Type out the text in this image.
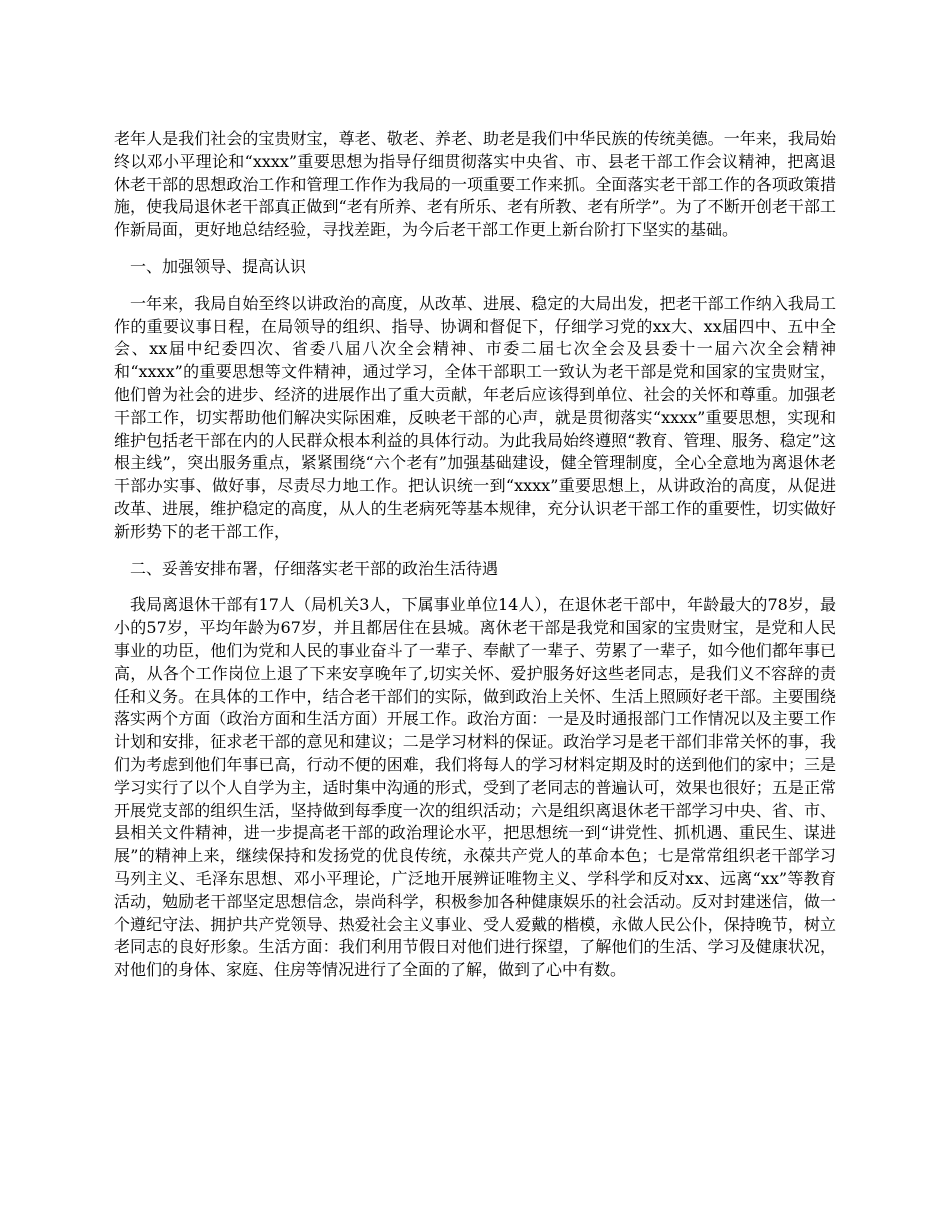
老年人是我们社会的宝贵财宝，尊老、敬老、养老、助老是我们中华民族的传统美德。一年来，我局始终以邓小平理论和“xxxx”重要思想为指导仔细贯彻落实中央省、市、县老干部工作会议精神，把离退休老干部的思想政治工作和管理工作作为我局的一项重要工作来抓。全面落实老干部工作的各项政策措施，使我局退休老干部真正做到“老有所养、老有所乐、老有所教、老有所学”。为了不断开创老干部工作新局面，更好地总结经验，寻找差距，为今后老干部工作更上新台阶打下坚实的基础。

一、加强领导、提高认识

一年来，我局自始至终以讲政治的高度，从改革、进展、稳定的大局出发，把老干部工作纳入我局工作的重要议事日程，在局领导的组织、指导、协调和督促下，仔细学习党的xx大、xx届四中、五中全会、xx届中纪委四次、省委八届八次全会精神、市委二届七次全会及县委十一届六次全会精神和“xxxx”的重要思想等文件精神，通过学习，全体干部职工一致认为老干部是党和国家的宝贵财宝，他们曾为社会的进步、经济的进展作出了重大贡献，年老后应该得到单位、社会的关怀和尊重。加强老干部工作，切实帮助他们解决实际困难，反映老干部的心声，就是贯彻落实“xxxx”重要思想，实现和维护包括老干部在内的人民群众根本利益的具体行动。为此我局始终遵照“教育、管理、服务、稳定”这根主线”，突出服务重点，紧紧围绕“六个老有”加强基础建设，健全管理制度，全心全意地为离退休老干部办实事、做好事，尽责尽力地工作。把认识统一到“xxxx”重要思想上，从讲政治的高度，从促进改革、进展，维护稳定的高度，从人的生老病死等基本规律，充分认识老干部工作的重要性，切实做好新形势下的老干部工作，

二、妥善安排布署，仔细落实老干部的政治生活待遇

我局离退休干部有17人（局机关3人，下属事业单位14人），在退休老干部中，年龄最大的78岁，最小的57岁，平均年龄为67岁，并且都居住在县城。离休老干部是我党和国家的宝贵财宝，是党和人民事业的功臣，他们为党和人民的事业奋斗了一辈子、奉献了一辈子、劳累了一辈子，如今他们都年事已高，从各个工作岗位上退了下来安享晚年了,切实关怀、爱护服务好这些老同志，是我们义不容辞的责任和义务。在具体的工作中，结合老干部们的实际，做到政治上关怀、生活上照顾好老干部。主要围绕落实两个方面（政治方面和生活方面）开展工作。政治方面：一是及时通报部门工作情况以及主要工作计划和安排，征求老干部的意见和建议；二是学习材料的保证。政治学习是老干部们非常关怀的事，我们为考虑到他们年事已高，行动不便的困难，我们将每人的学习材料定期及时的送到他们的家中；三是学习实行了以个人自学为主，适时集中沟通的形式，受到了老同志的普遍认可，效果也很好；五是正常开展党支部的组织生活，坚持做到每季度一次的组织活动；六是组织离退休老干部学习中央、省、市、县相关文件精神，进一步提高老干部的政治理论水平，把思想统一到“讲党性、抓机遇、重民生、谋进展”的精神上来，继续保持和发扬党的优良传统，永葆共产党人的革命本色；七是常常组织老干部学习马列主义、毛泽东思想、邓小平理论，广泛地开展辨证唯物主义、学科学和反对xx、远离“xx”等教育活动，勉励老干部坚定思想信念，崇尚科学，积极参加各种健康娱乐的社会活动。反对封建迷信，做一个遵纪守法、拥护共产党领导、热爱社会主义事业、受人爱戴的楷模，永做人民公仆，保持晚节，树立老同志的良好形象。生活方面：我们利用节假日对他们进行探望，了解他们的生活、学习及健康状况，对他们的身体、家庭、住房等情况进行了全面的了解，做到了心中有数。
